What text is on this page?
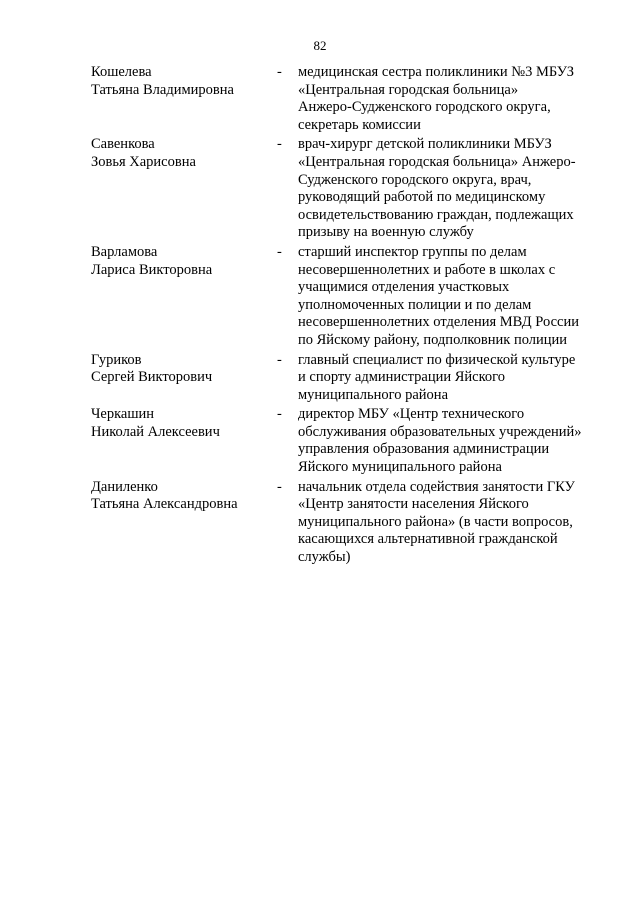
82
Кошелева
Татьяна Владимировна
- медицинская сестра поликлиники №3 МБУЗ
«Центральная городская больница»
Анжеро-Судженского городского округа,
секретарь комиссии
Савенкова
Зовья Харисовна
- врач-хирург детской поликлиники МБУЗ
«Центральная городская больница» Анжеро-
Судженского городского округа, врач,
руководящий работой по медицинскому
освидетельствованию граждан, подлежащих
призыву на военную службу
Варламова
Лариса Викторовна
- старший инспектор группы по делам
несовершеннолетних и работе в школах с
учащимися отделения участковых
уполномоченных полиции и по делам
несовершеннолетних отделения МВД России
по Яйскому району, подполковник полиции
Гуриков
Сергей Викторович
- главный специалист по физической культуре
и спорту администрации Яйского
муниципального района
Черкашин
Николай Алексеевич
- директор МБУ «Центр технического
обслуживания образовательных учреждений»
управления образования администрации
Яйского муниципального района
Даниленко
Татьяна Александровна
- начальник отдела содействия занятости ГКУ
«Центр занятости населения Яйского
муниципального района» (в части вопросов,
касающихся альтернативной гражданской
службы)
